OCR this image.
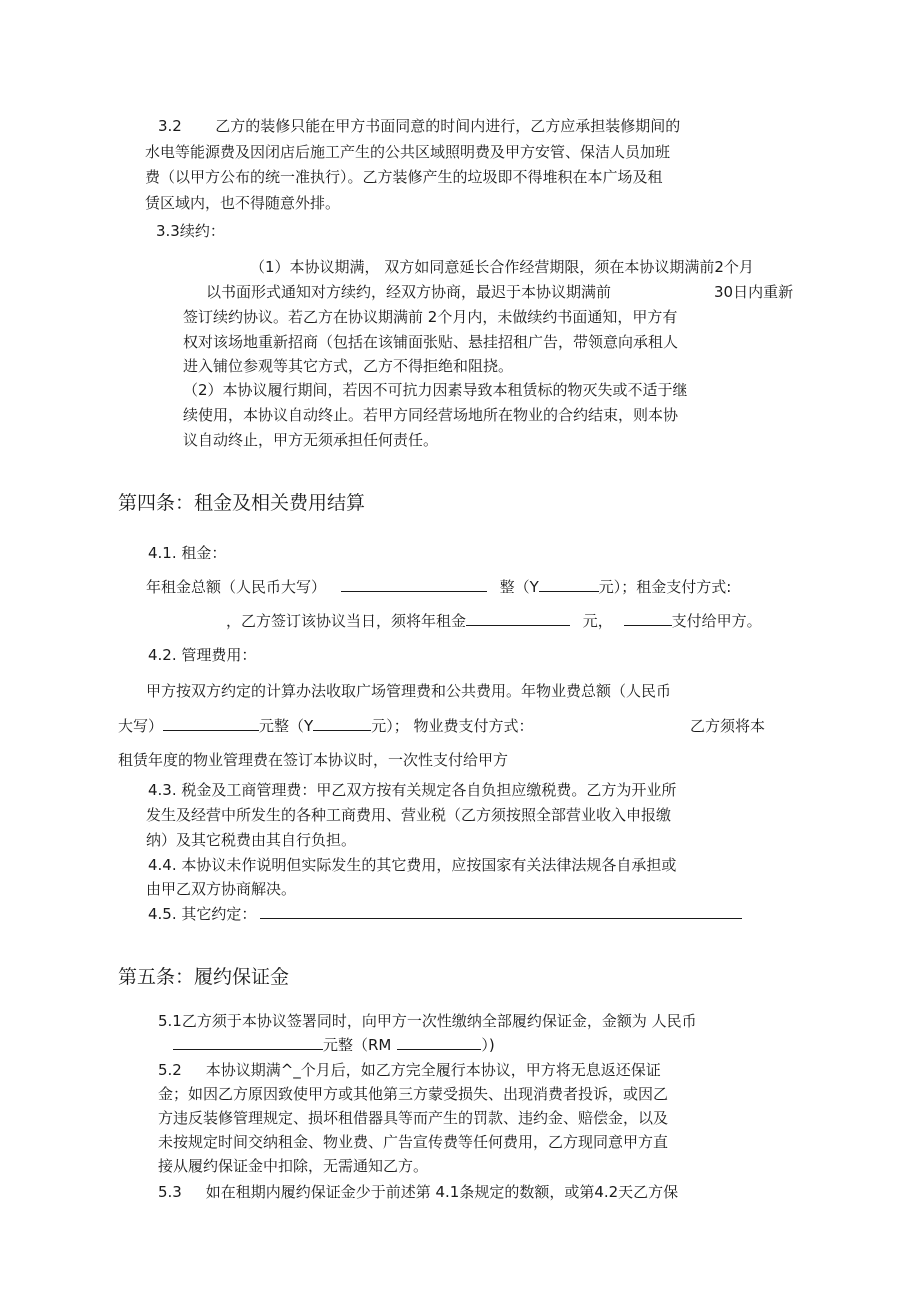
3.2       乙方的装修只能在甲方书面同意的时间内进行，乙方应承担装修期间的
水电等能源费及因闭店后施工产生的公共区域照明费及甲方安管、保洁人员加班
费（以甲方公布的统一准执行）。乙方装修产生的垃圾即不得堆积在本广场及租
赁区域内，也不得随意外排。
3.3续约：
（1）本协议期满， 双方如同意延长合作经营期限，须在本协议期满前2个月
以书面形式通知对方续约，经双方协商，最迟于本协议期满前	30日内重新
签订续约协议。若乙方在协议期满前 2个月内，未做续约书面通知，甲方有
权对该场地重新招商（包括在该铺面张贴、悬挂招租广告，带领意向承租人
进入铺位参观等其它方式，乙方不得拒绝和阻挠。
（2）本协议履行期间，若因不可抗力因素导致本租赁标的物灭失或不适于继
续使用，本协议自动终止。若甲方同经营场地所在物业的合约结束，则本协
议自动终止，甲方无须承担任何责任。
第四条：租金及相关费用结算
4.1. 租金：
年租金总额（人民币大写）	整（Y	元）；租金支付方式:
，乙方签订该协议当日，须将年租金	元，	支付给甲方。
4.2. 管理费用：
甲方按双方约定的计算办法收取广场管理费和公共费用。年物业费总额（人民币
大写）	元整（Y	元）； 物业费支付方式：	乙方须将本
租赁年度的物业管理费在签订本协议时，一次性支付给甲方
4.3. 税金及工商管理费：甲乙双方按有关规定各自负担应缴税费。乙方为开业所
发生及经营中所发生的各种工商费用、营业税（乙方须按照全部营业收入申报缴
纳）及其它税费由其自行负担。
4.4. 本协议未作说明但实际发生的其它费用，应按国家有关法律法规各自承担或
由甲乙双方协商解决。
4.5. 其它约定：
第五条：履约保证金
5.1乙方须于本协议签署同时，向甲方一次性缴纳全部履约保证金，金额为 人民币
元整（RM	）)
5.2     本协议期满^_个月后，如乙方完全履行本协议，甲方将无息返还保证
金；如因乙方原因致使甲方或其他第三方蒙受损失、出现消费者投诉，或因乙
方违反装修管理规定、损坏租借器具等而产生的罚款、违约金、赔偿金，以及
未按规定时间交纳租金、物业费、广告宣传费等任何费用，乙方现同意甲方直
接从履约保证金中扣除，无需通知乙方。
5.3     如在租期内履约保证金少于前述第 4.1条规定的数额，或第4.2天乙方保
